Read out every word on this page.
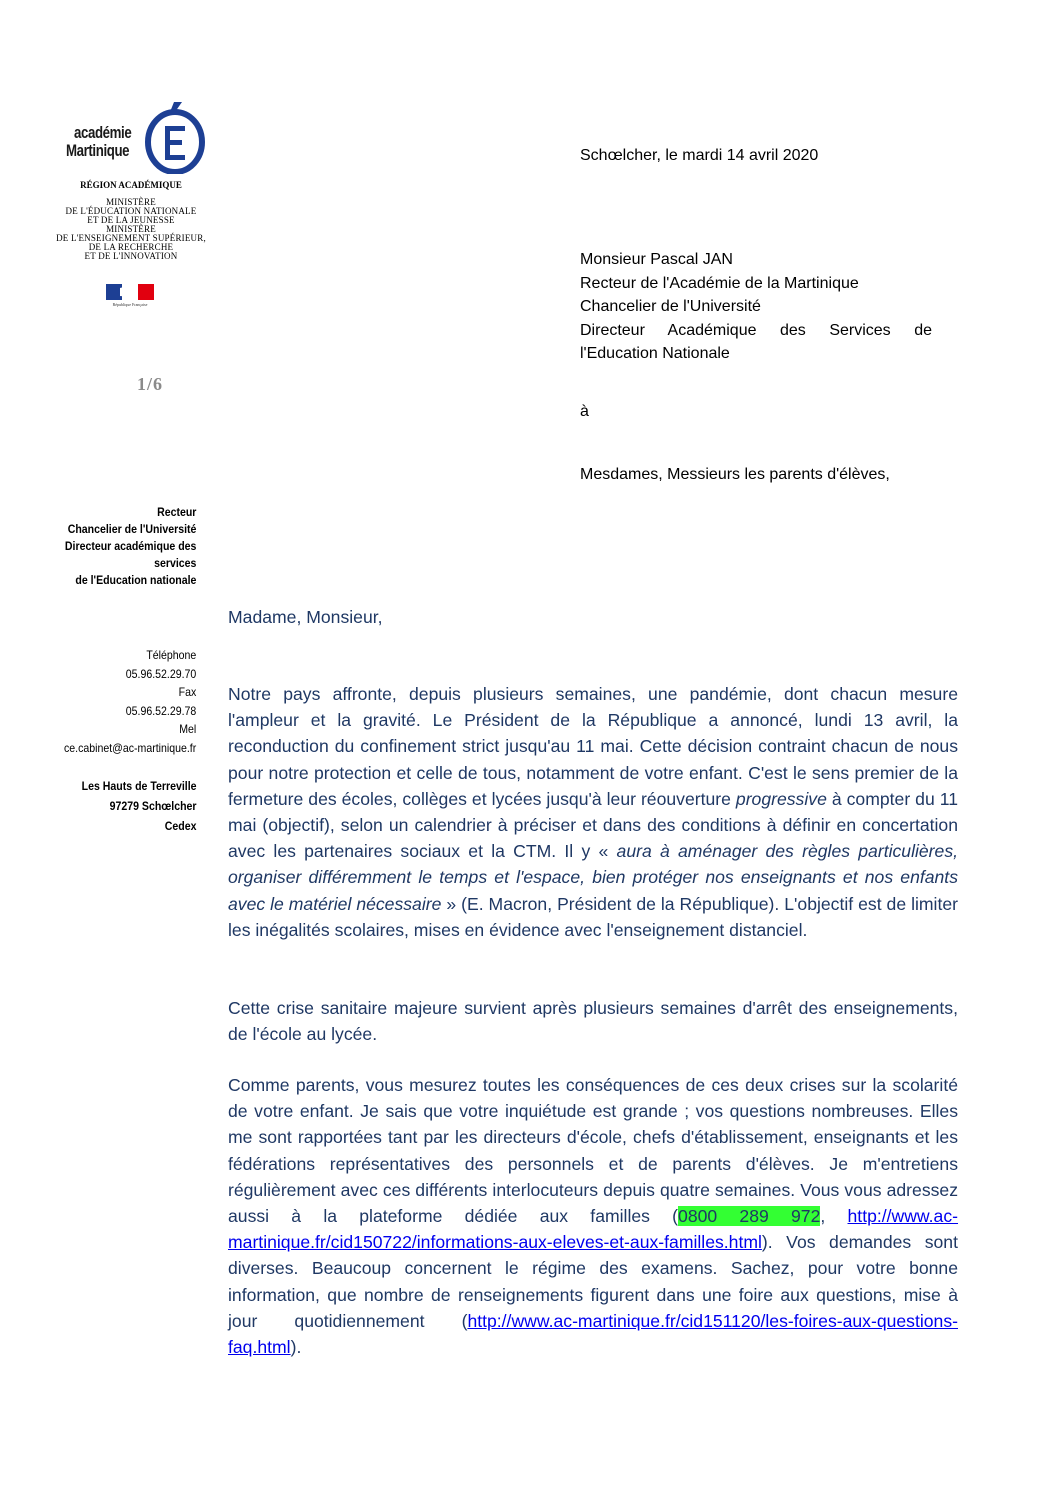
académie
Martinique
RÉGION ACADÉMIQUE
MINISTÈRE
DE L'ÉDUCATION NATIONALE
ET DE LA JEUNESSE
MINISTÈRE
DE L'ENSEIGNEMENT SUPÉRIEUR,
DE LA RECHERCHE
ET DE L'INNOVATION
République Française
1/6
Recteur
Chancelier de l'Université
Directeur académique des
services
de l'Education nationale
Téléphone
05.96.52.29.70
Fax
05.96.52.29.78
Mel
ce.cabinet@ac-martinique.fr
Les Hauts de Terreville
97279 Schœlcher
Cedex
Schœlcher, le mardi 14 avril 2020
Monsieur Pascal JAN
Recteur de l'Académie de la Martinique
Chancelier de l'Université
Directeur Académique des Services de
l'Education Nationale
à
Mesdames, Messieurs les parents d'élèves,
Madame, Monsieur,
Notre pays affronte, depuis plusieurs semaines, une pandémie, dont chacun mesure l'ampleur et la gravité. Le Président de la République a annoncé, lundi 13 avril, la reconduction du confinement strict jusqu'au 11 mai. Cette décision contraint chacun de nous pour notre protection et celle de tous, notamment de votre enfant. C'est le sens premier de la fermeture des écoles, collèges et lycées jusqu'à leur réouverture progressive à compter du 11 mai (objectif), selon un calendrier à préciser et dans des conditions à définir en concertation avec les partenaires sociaux et la CTM. Il y « aura à aménager des règles particulières, organiser différemment le temps et l'espace, bien protéger nos enseignants et nos enfants avec le matériel nécessaire » (E. Macron, Président de la République). L'objectif est de limiter les inégalités scolaires, mises en évidence avec l'enseignement distanciel.
Cette crise sanitaire majeure survient après plusieurs semaines d'arrêt des enseignements, de l'école au lycée.
Comme parents, vous mesurez toutes les conséquences de ces deux crises sur la scolarité de votre enfant. Je sais que votre inquiétude est grande ; vos questions nombreuses. Elles me sont rapportées tant par les directeurs d'école, chefs d'établissement, enseignants et les fédérations représentatives des personnels et de parents d'élèves. Je m'entretiens régulièrement avec ces différents interlocuteurs depuis quatre semaines. Vous vous adressez aussi à la plateforme dédiée aux familles (0800 289 972, http://www.ac-martinique.fr/cid150722/informations-aux-eleves-et-aux-familles.html). Vos demandes sont diverses. Beaucoup concernent le régime des examens. Sachez, pour votre bonne information, que nombre de renseignements figurent dans une foire aux questions, mise à jour quotidiennement (http://www.ac-martinique.fr/cid151120/les-foires-aux-questions-faq.html).
